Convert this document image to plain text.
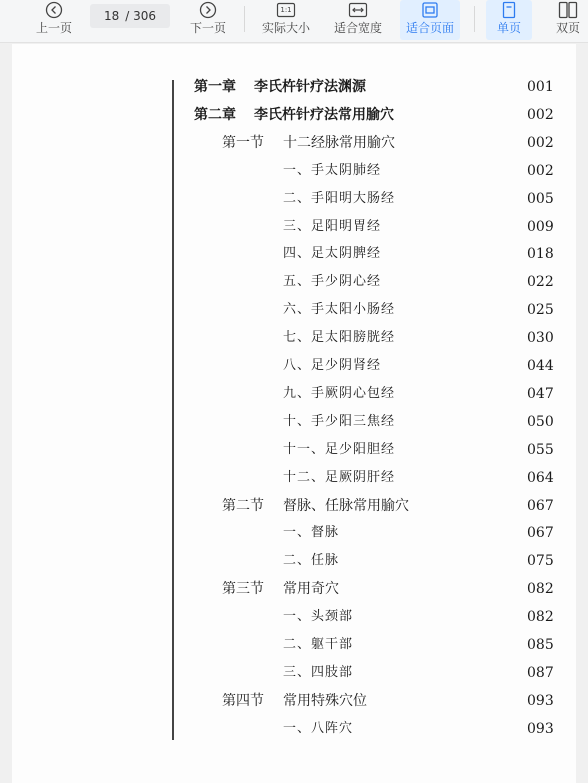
上一页
18 / 306
下一页
1:1
实际大小 适合宽度 适合页面	单页	双页
第一章 李氏杵针疗法渊源	001
第二章 李氏杵针疗法常用腧穴	002
第一节 十二经脉常用腧穴	002
一、手太阴肺经	002
二、手阳明大肠经	005
三、足阳明胃经	009
四、足太阴脾经	018
五、手少阴心经	022
六、手太阳小肠经	025
七、足太阳膀胱经	030
八、足少阴肾经	044
九、手厥阴心包经	047
十、手少阳三焦经	050
十一、足少阳胆经	055
十二、足厥阴肝经	064
第二节 督脉、任脉常用腧穴	067
一、督脉	067
二、任脉	075
第三节 常用奇穴	082
一、头颈部	082
二、躯干部	085
三、四肢部	087
第四节 常用特殊穴位	093
一、八阵穴	093
